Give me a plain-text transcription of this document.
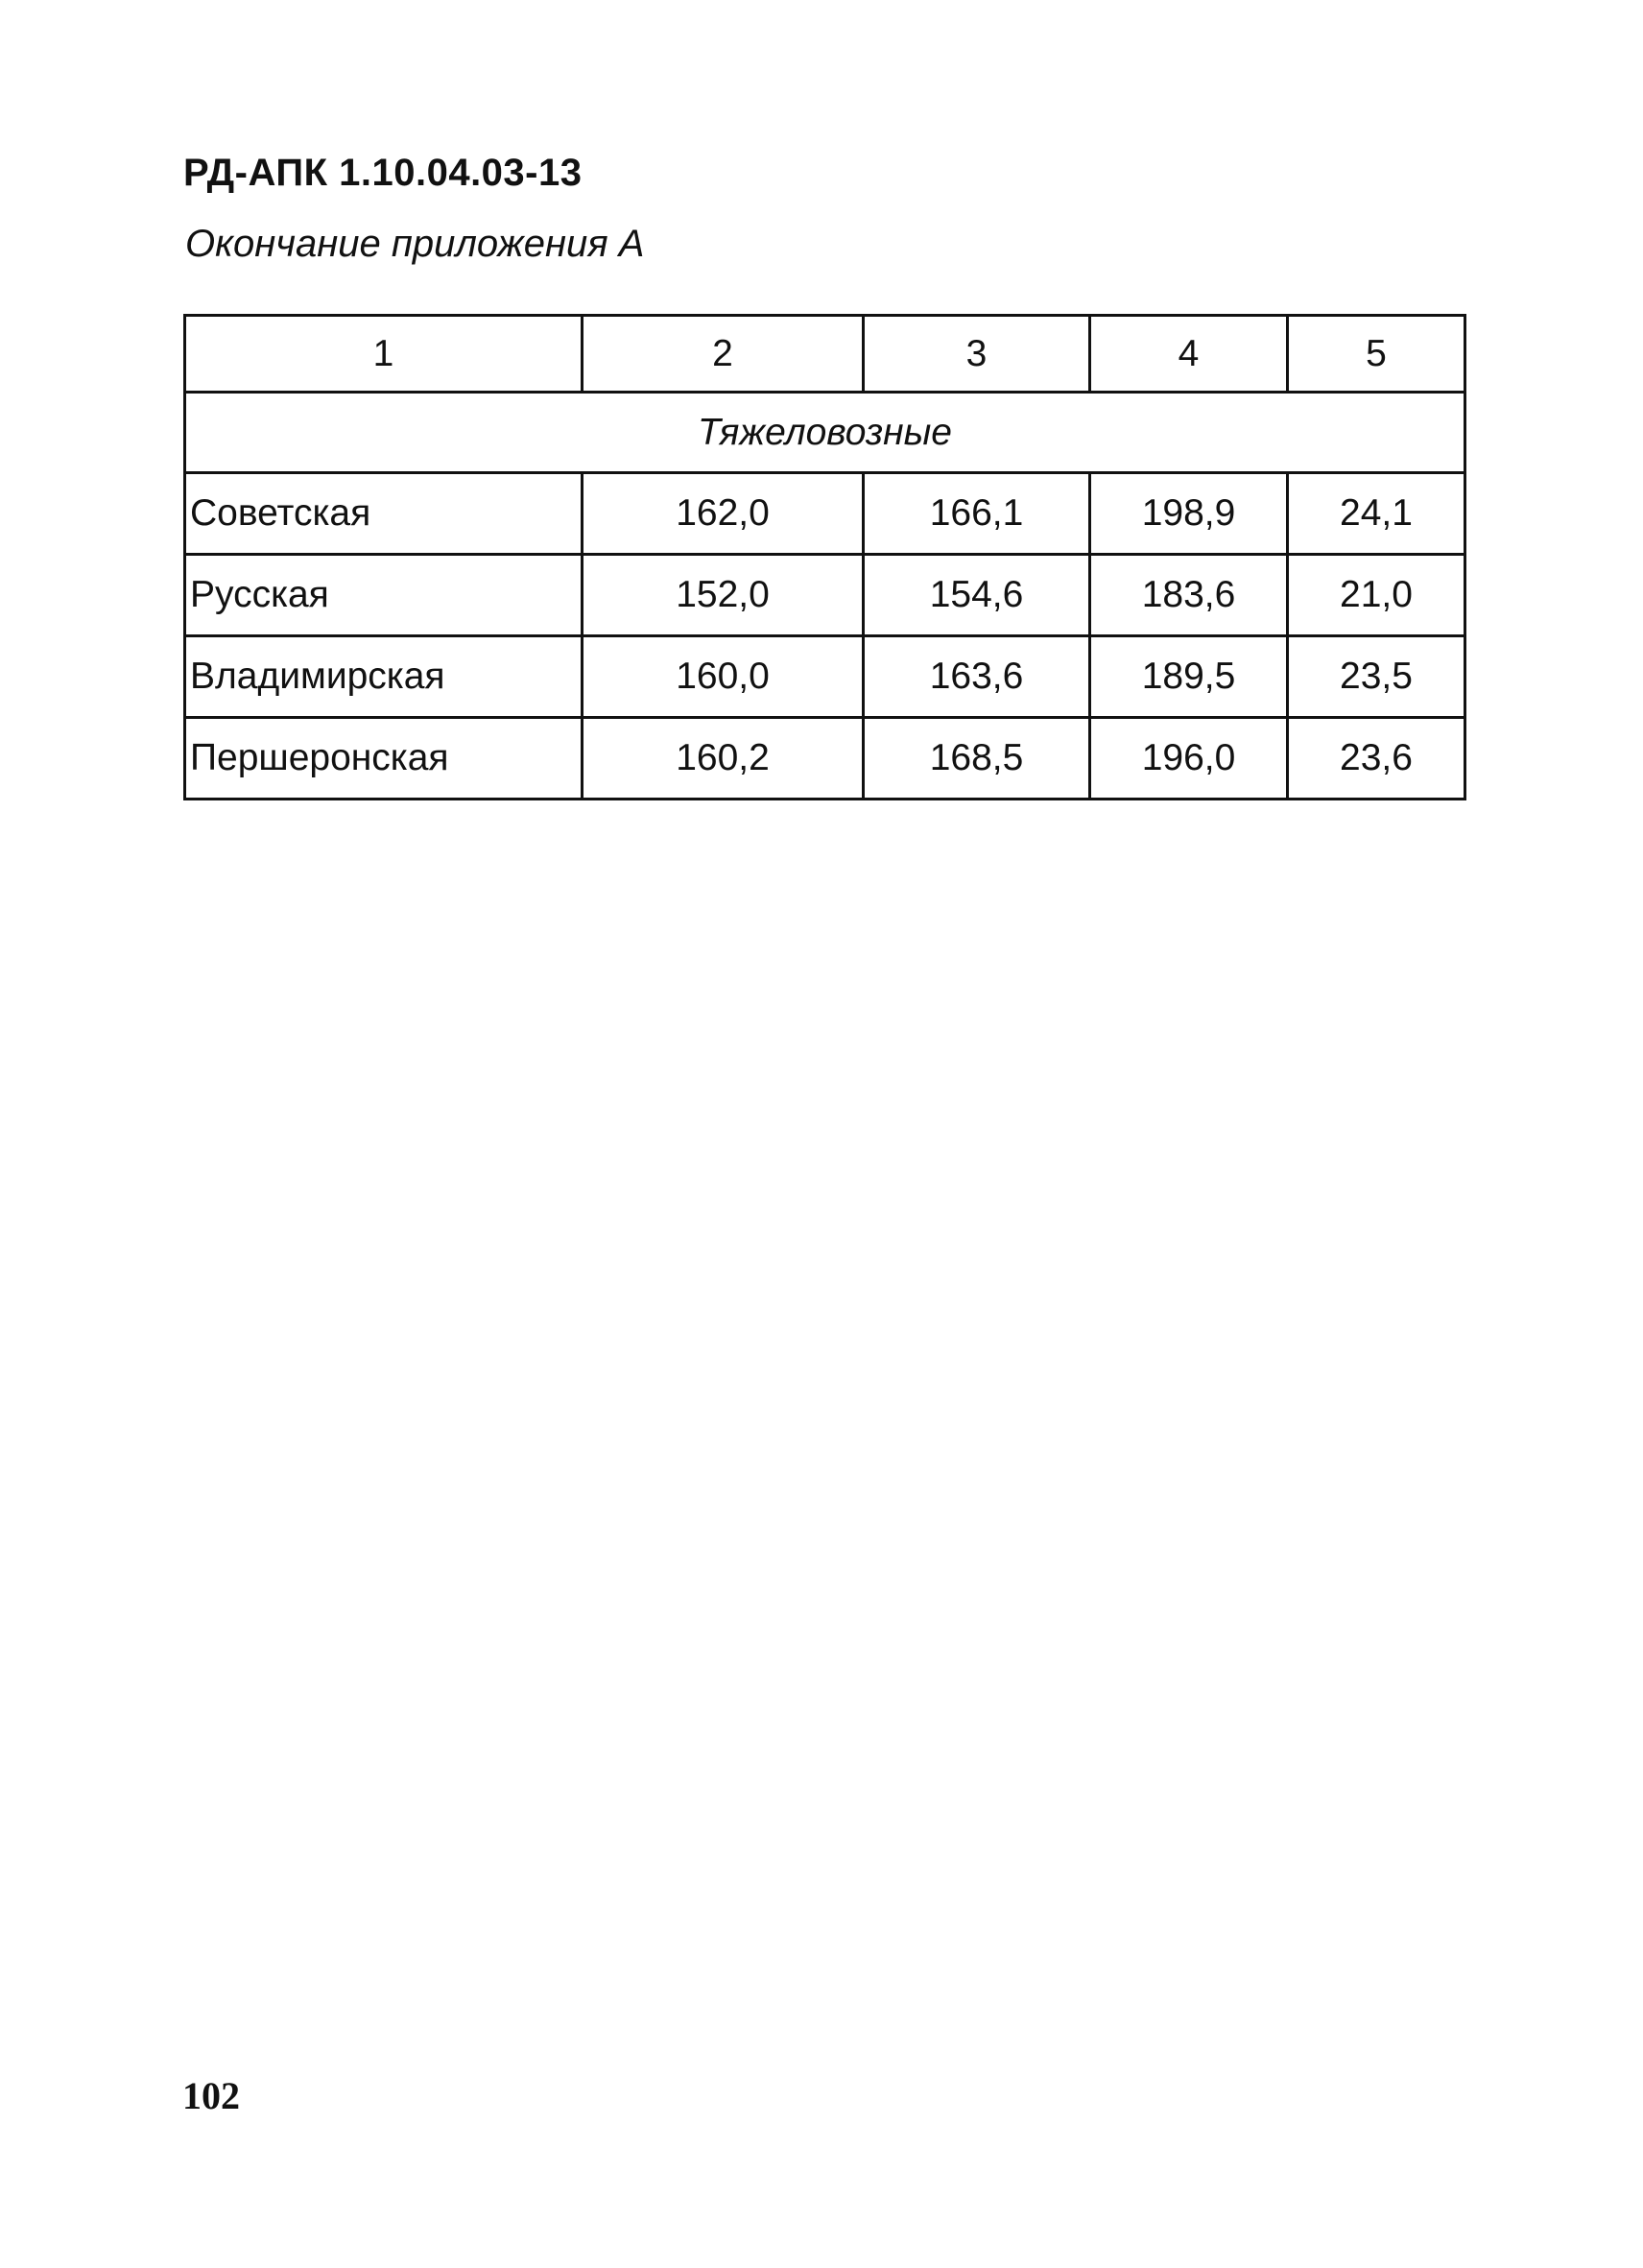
РД-АПК 1.10.04.03-13

Окончание приложения А

1	2	3	4	5
Тяжеловозные				
Советская	162,0	166,1	198,9	24,1
Русская	152,0	154,6	183,6	21,0
Владимирская	160,0	163,6	189,5	23,5
Першеронская	160,2	168,5	196,0	23,6

102
